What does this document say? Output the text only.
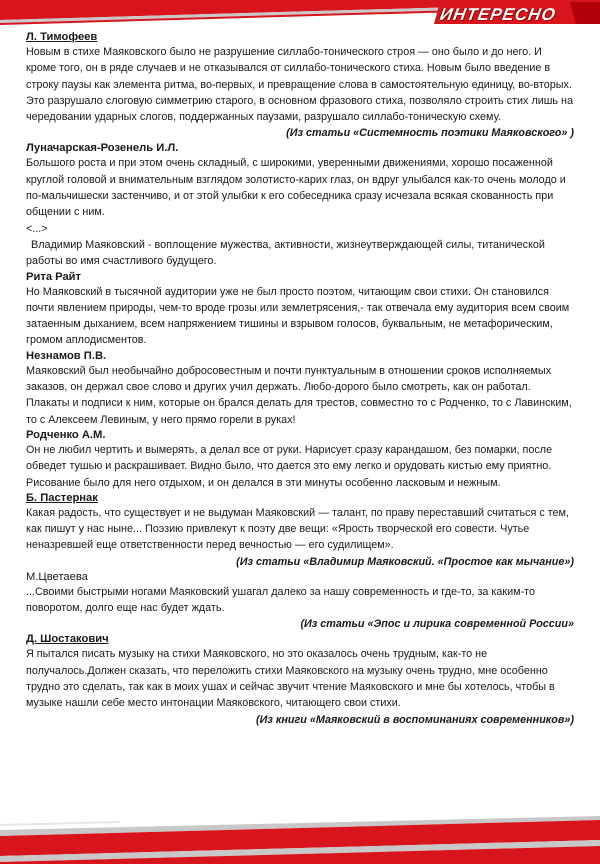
ИНТЕРЕСНО

Л. Тимофеев

Новым в стихе Маяковского было не разрушение силлабо-тонического строя — оно было и до него. И кроме того, он в ряде случаев и не отказывался от силлабо-тонического стиха. Новым было введение в строку паузы как элемента ритма, во-первых, и превращение слова в самостоятельную единицу, во-вторых. Это разрушало слоговую симметрию старого, в основном фразового стиха, позволяло строить стих лишь на чередовании ударных слогов, поддержанных паузами, разрушало силлабо-тоническую схему.

(Из статьи «Системность поэтики Маяковского» )

Луначарская-Розенель И.Л.

Большого роста и при этом очень складный, с широкими, уверенными движениями, хорошо посаженной круглой головой и внимательным взглядом золотисто-карих глаз, он вдруг улыбался как-то очень молодо и по-мальчишески застенчиво, и от этой улыбки к его собеседника сразу исчезала всякая скованность при общении с ним.

<...>

Владимир Маяковский - воплощение мужества, активности, жизнеутверждающей силы, титанической работы во имя счастливого будущего.

Рита Райт

Но Маяковский в тысячной аудитории уже не был просто поэтом, читающим свои стихи. Он становился почти явлением природы, чем-то вроде грозы или землетрясения,- так отвечала ему аудитория всем своим затаенным дыханием, всем напряжением тишины и взрывом голосов, буквальным, не метафорическим, громом аплодисментов.

Незнамов П.В.

Маяковский был необычайно добросовестным и почти пунктуальным в отношении сроков исполняемых заказов, он держал свое слово и других учил держать. Любо-дорого было смотреть, как он работал. Плакаты и подписи к ним, которые он брался делать для трестов, совместно то с Родченко, то с Лавинским, то с Алексеем Левиным, у него прямо горели в руках!

Родченко А.М.

Он не любил чертить и вымерять, а делал все от руки. Нарисует сразу карандашом, без помарки, после обведет тушью и раскрашивает. Видно было, что дается это ему легко и орудовать кистью ему приятно. Рисование было для него отдыхом, и он делался в эти минуты особенно ласковым и нежным.

Б. Пастернак

Какая радость, что существует и не выдуман Маяковский — талант, по праву переставший считаться с тем, как пишут у нас ныне... Поэзию привлекут к поэту две вещи: «Ярость творческой его совести. Чутье неназревшей еще ответственности перед вечностью — его судилищем».

(Из статьи «Владимир Маяковский. «Простое как мычание»)

М.Цветаева

...Своими быстрыми ногами Маяковский ушагал далеко за нашу современность и где-то, за каким-то поворотом, долго еще нас будет ждать.

(Из статьи «Эпос и лирика современной России»

Д. Шостакович

Я пытался писать музыку на стихи Маяковского, но это оказалось очень трудным, как-то не получалось.Должен сказать, что переложить стихи Маяковского на музыку очень трудно, мне особенно трудно это сделать, так как в моих ушах и сейчас звучит чтение Маяковского и мне бы хотелось, чтобы в музыке нашли себе место интонации Маяковского, читающего свои стихи.

(Из книги «Маяковский в воспоминаниях современников»)
